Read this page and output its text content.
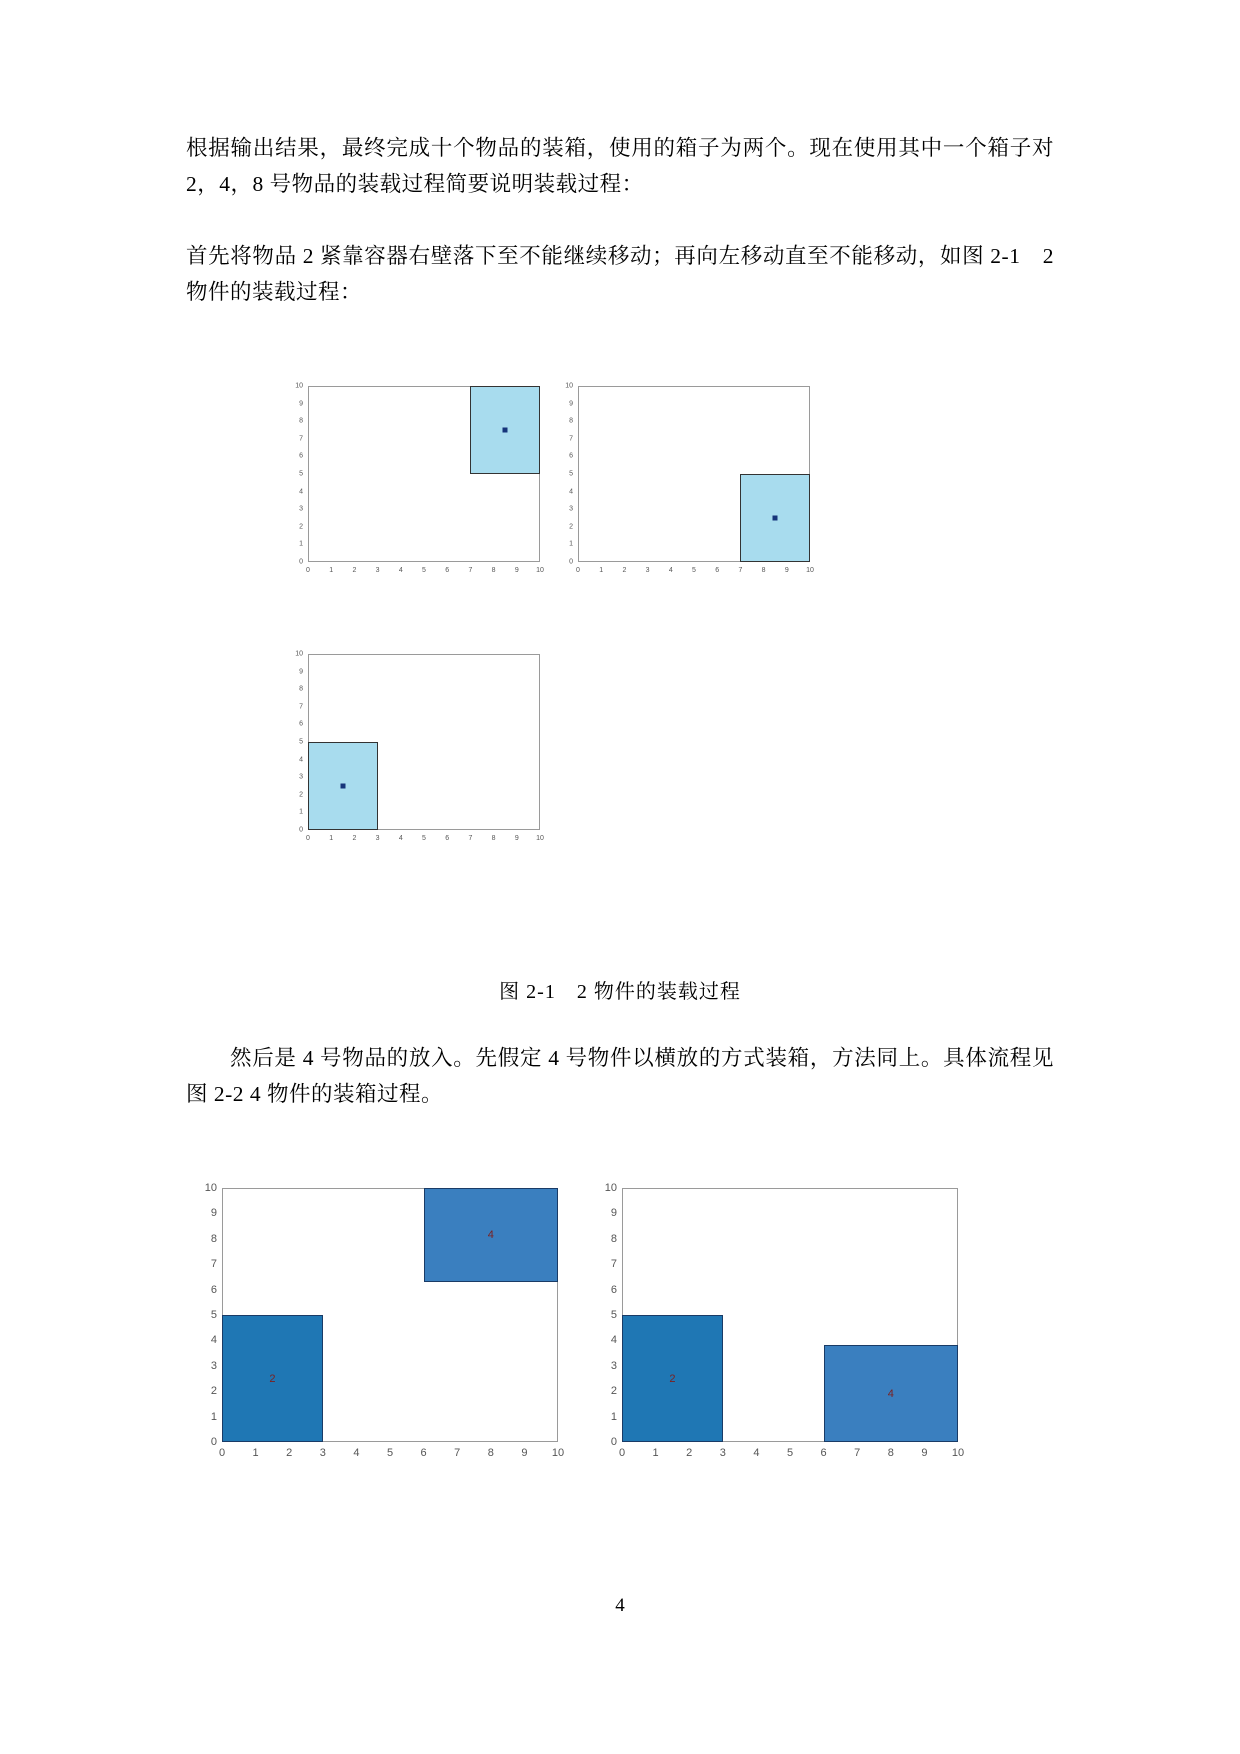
根据输出结果，最终完成十个物品的装箱，使用的箱子为两个。现在使用其中一个箱子对 2，4，8 号物品的装载过程简要说明装载过程：

首先将物品 2 紧靠容器右壁落下至不能继续移动；再向左移动直至不能移动，如图 2-1　2 物件的装载过程：

0	1	2	3	4	5	6	7	8	9 10
0
1
2
3
4
5
6
7
8
9
10
0	1	2	3	4	5	6	7	8	9 10
0
1
2
3
4
5
6
7
8
9
10
0	1	2	3	4	5	6	7	8	9 10
0
1
2
3
4
5
6
7
8
9
10
图 2-1　2 物件的装载过程

然后是 4 号物品的放入。先假定 4 号物件以横放的方式装箱，方法同上。具体流程见图 2-2 4 物件的装箱过程。

0 1 2 3 4 5 6 7 8 9 10
0
1
2
3
4
5
6
7
8
9
10
2
4
0 1 2 3 4 5 6 7 8 9 10
0
1
2
3
4
5
6
7
8
9
10
2
4
4
